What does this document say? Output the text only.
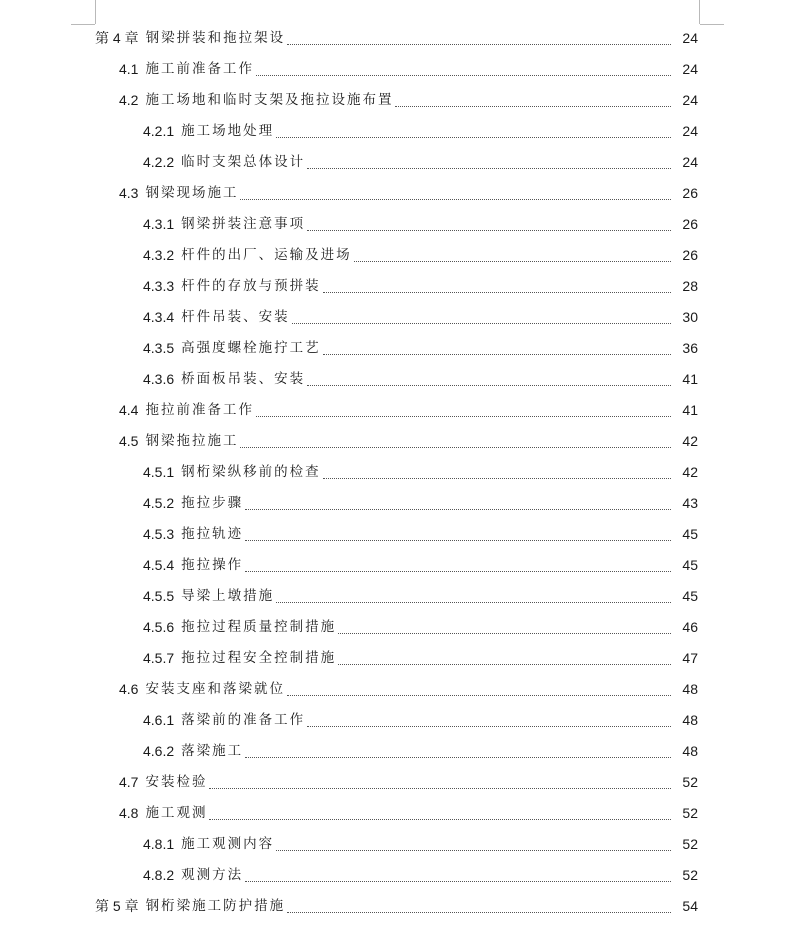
第 4 章 钢梁拼装和拖拉架设	24
4.1 施工前准备工作	24
4.2 施工场地和临时支架及拖拉设施布置	24
4.2.1 施工场地处理	24
4.2.2 临时支架总体设计	24
4.3 钢梁现场施工	26
4.3.1 钢梁拼装注意事项	26
4.3.2 杆件的出厂、运输及进场	26
4.3.3 杆件的存放与预拼装	28
4.3.4 杆件吊装、安装	30
4.3.5 高强度螺栓施拧工艺	36
4.3.6 桥面板吊装、安装	41
4.4 拖拉前准备工作	41
4.5 钢梁拖拉施工	42
4.5.1 钢桁梁纵移前的检查	42
4.5.2 拖拉步骤	43
4.5.3 拖拉轨迹	45
4.5.4 拖拉操作	45
4.5.5 导梁上墩措施	45
4.5.6 拖拉过程质量控制措施	46
4.5.7 拖拉过程安全控制措施	47
4.6 安装支座和落梁就位	48
4.6.1 落梁前的准备工作	48
4.6.2 落梁施工	48
4.7 安装检验	52
4.8 施工观测	52
4.8.1 施工观测内容	52
4.8.2 观测方法	52
第 5 章 钢桁梁施工防护措施	54
